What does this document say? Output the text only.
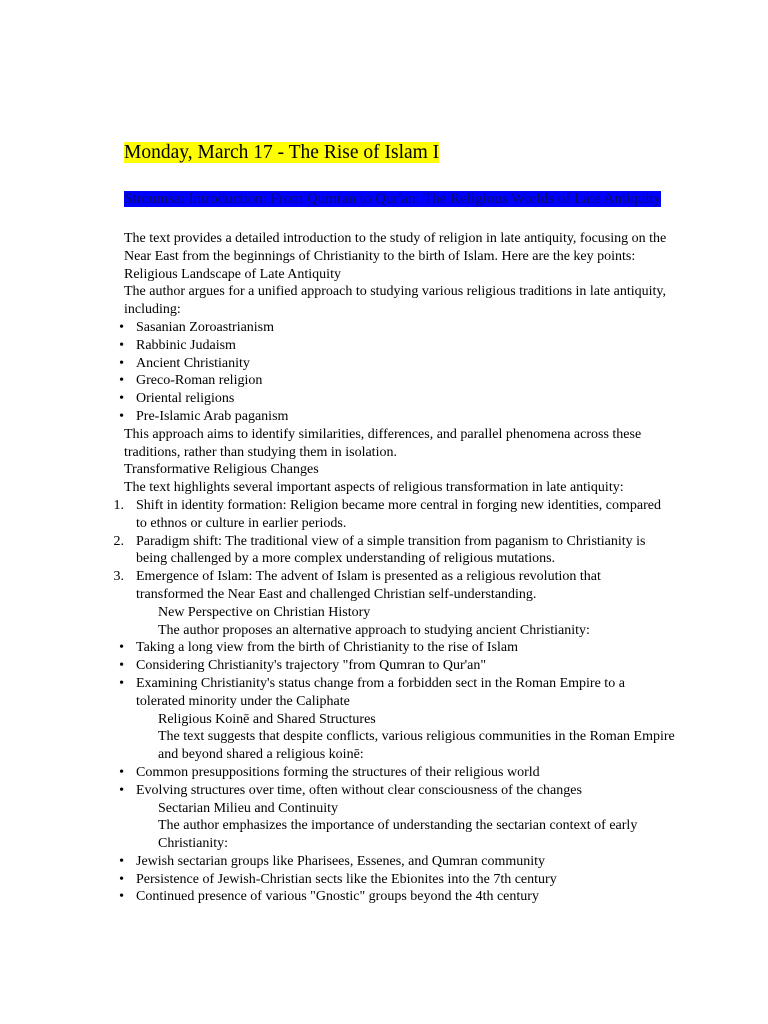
Monday, March 17 - The Rise of Islam I
Stroumsa: Introduction: From Qumran to Qur'an: The Religious Worlds of Late Antiquity
The text provides a detailed introduction to the study of religion in late antiquity, focusing on the Near East from the beginnings of Christianity to the birth of Islam. Here are the key points:
Religious Landscape of Late Antiquity
The author argues for a unified approach to studying various religious traditions in late antiquity, including:
• Sasanian Zoroastrianism
• Rabbinic Judaism
• Ancient Christianity
• Greco-Roman religion
• Oriental religions
• Pre-Islamic Arab paganism
This approach aims to identify similarities, differences, and parallel phenomena across these traditions, rather than studying them in isolation.
Transformative Religious Changes
The text highlights several important aspects of religious transformation in late antiquity:
1. Shift in identity formation: Religion became more central in forging new identities, compared to ethnos or culture in earlier periods.
2. Paradigm shift: The traditional view of a simple transition from paganism to Christianity is being challenged by a more complex understanding of religious mutations.
3. Emergence of Islam: The advent of Islam is presented as a religious revolution that transformed the Near East and challenged Christian self-understanding.
New Perspective on Christian History
The author proposes an alternative approach to studying ancient Christianity:
• Taking a long view from the birth of Christianity to the rise of Islam
• Considering Christianity's trajectory "from Qumran to Qur'an"
• Examining Christianity's status change from a forbidden sect in the Roman Empire to a tolerated minority under the Caliphate
Religious Koinē and Shared Structures
The text suggests that despite conflicts, various religious communities in the Roman Empire and beyond shared a religious koinē:
• Common presuppositions forming the structures of their religious world
• Evolving structures over time, often without clear consciousness of the changes
Sectarian Milieu and Continuity
The author emphasizes the importance of understanding the sectarian context of early Christianity:
• Jewish sectarian groups like Pharisees, Essenes, and Qumran community
• Persistence of Jewish-Christian sects like the Ebionites into the 7th century
• Continued presence of various "Gnostic" groups beyond the 4th century
